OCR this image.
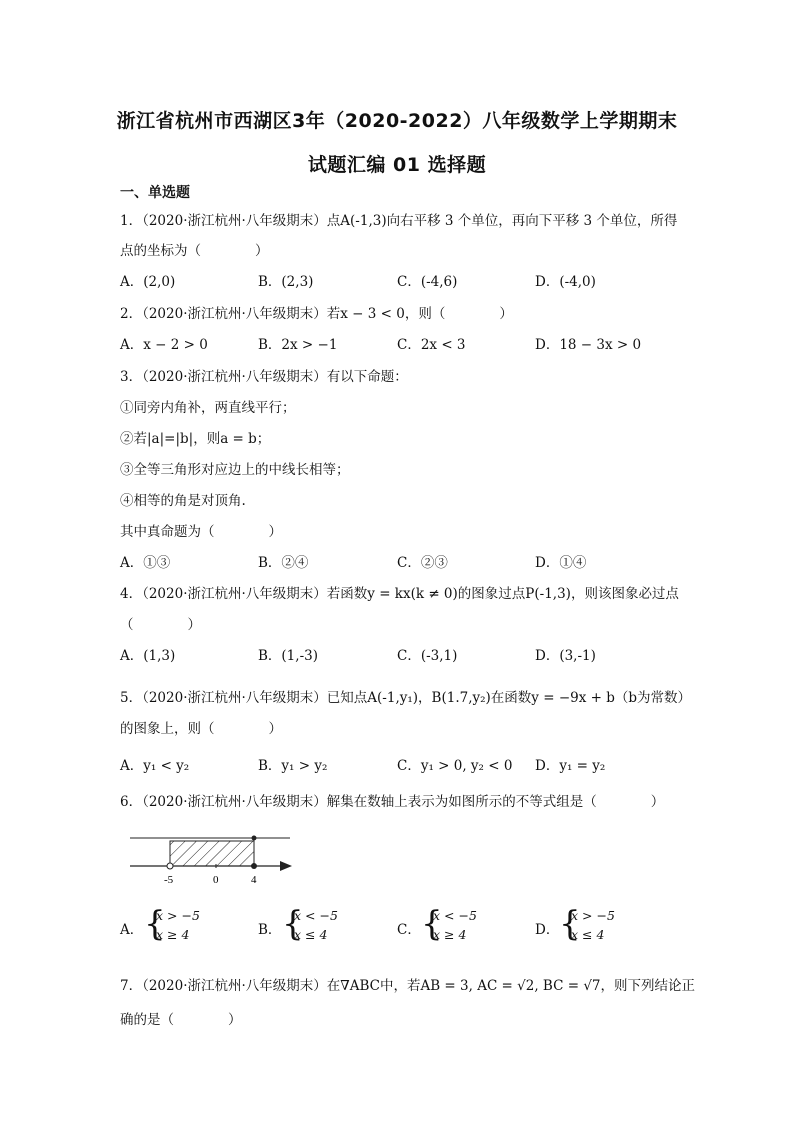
浙江省杭州市西湖区3年（2020-2022）八年级数学上学期期末
试题汇编 01 选择题
一、单选题
1．（2020·浙江杭州·八年级期末）点A(-1,3)向右平移 3 个单位，再向下平移 3 个单位，所得
点的坐标为（　　　　）
A．(2,0)	B．(2,3)	C．(-4,6)	D．(-4,0)
2．（2020·浙江杭州·八年级期末）若x − 3 < 0，则（　　　　）
A．x − 2 > 0	B．2x > −1	C．2x < 3	D．18 − 3x > 0
3．（2020·浙江杭州·八年级期末）有以下命题：
①同旁内角补，两直线平行；
②若|a|=|b|，则a = b；
③全等三角形对应边上的中线长相等；
④相等的角是对顶角.
其中真命题为（　　　　）
A．①③	B．②④	C．②③	D．①④
4．（2020·浙江杭州·八年级期末）若函数y = kx(k ≠ 0)的图象过点P(-1,3)，则该图象必过点
（　　　　）
A．(1,3)	B．(1,-3)	C．(-3,1)	D．(3,-1)
5．（2020·浙江杭州·八年级期末）已知点A(-1,y₁)，B(1.7,y₂)在函数y = −9x + b（b为常数）
的图象上，则（　　　　）
A．y₁ < y₂	B．y₁ > y₂	C．y₁ > 0, y₂ < 0 D．y₁ = y₂
6．（2020·浙江杭州·八年级期末）解集在数轴上表示为如图所示的不等式组是（　　　　）
-5	0	4
A． {
x > −5
x ≥ 4	B． {
x < −5
x ≤ 4	C． {
x < −5
x ≥ 4	D． {
x > −5
x ≤ 4
7．（2020·浙江杭州·八年级期末）在∇ABC中，若AB = 3, AC = √2, BC = √7，则下列结论正
确的是（　　　　）
